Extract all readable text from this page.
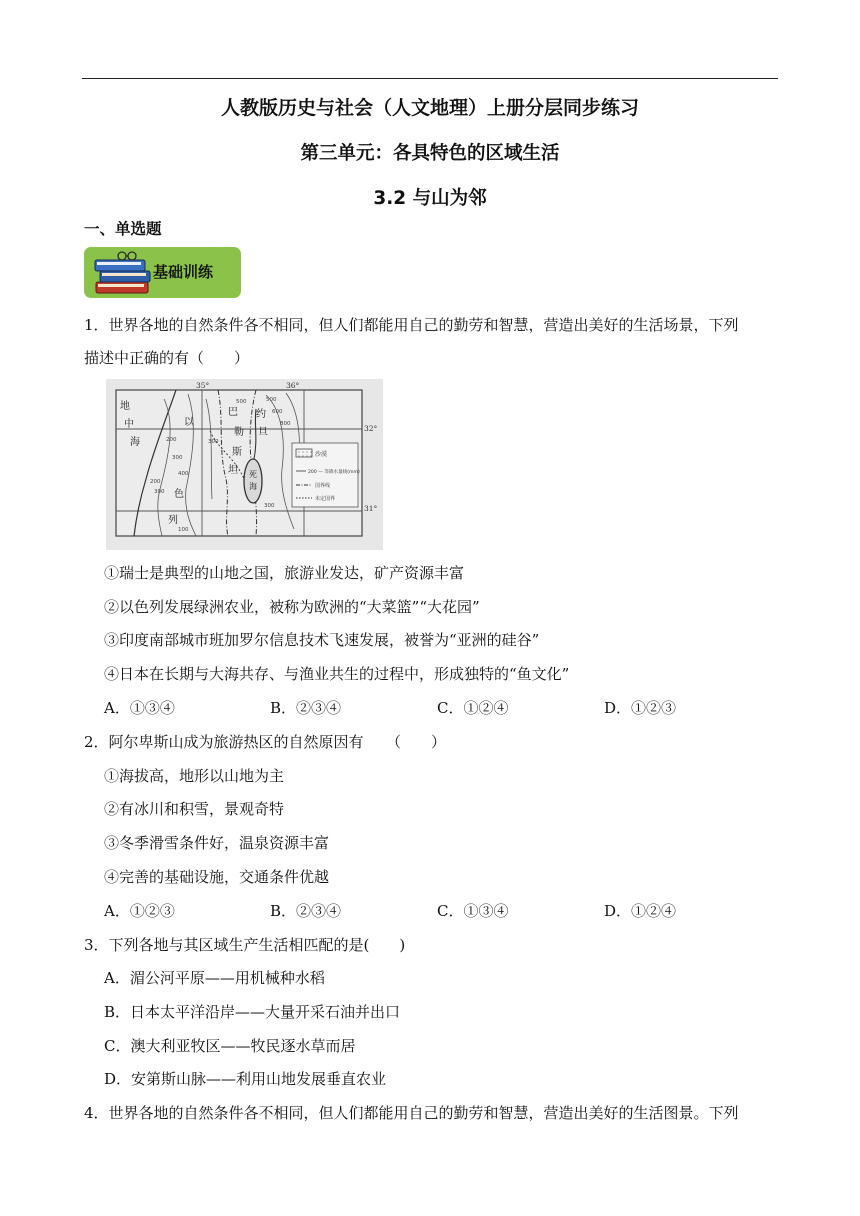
人教版历史与社会（人文地理）上册分层同步练习
第三单元：各具特色的区域生活
3.2 与山为邻
一、单选题
基础训练
1．世界各地的自然条件各不相同，但人们都能用自己的勤劳和智慧，营造出美好的生活场景，下列
描述中正确的有（　　）
沙漠
200 — 等降水量线(mm)
国界线
未定国界
35°	36°
32°
31°
地
中
海
以
色
列
巴
勒
斯
坦
约
旦
死
海
200
300
400
500
600
800
100
300
200
500
300
300
①瑞士是典型的山地之国，旅游业发达，矿产资源丰富
②以色列发展绿洲农业，被称为欧洲的“大菜篮”“大花园”
③印度南部城市班加罗尔信息技术飞速发展，被誉为“亚洲的硅谷”
④日本在长期与大海共存、与渔业共生的过程中，形成独特的“鱼文化”
A．①③④	B．②③④	C．①②④	D．①②③
2．阿尔卑斯山成为旅游热区的自然原因有　　（　　）
①海拔高，地形以山地为主
②有冰川和积雪，景观奇特
③冬季滑雪条件好，温泉资源丰富
④完善的基础设施，交通条件优越
A．①②③	B．②③④	C．①③④	D．①②④
3．下列各地与其区域生产生活相匹配的是(　　)
A．湄公河平原——用机械种水稻
B．日本太平洋沿岸——大量开采石油并出口
C．澳大利亚牧区——牧民逐水草而居
D．安第斯山脉——利用山地发展垂直农业
4．世界各地的自然条件各不相同，但人们都能用自己的勤劳和智慧，营造出美好的生活图景。下列
